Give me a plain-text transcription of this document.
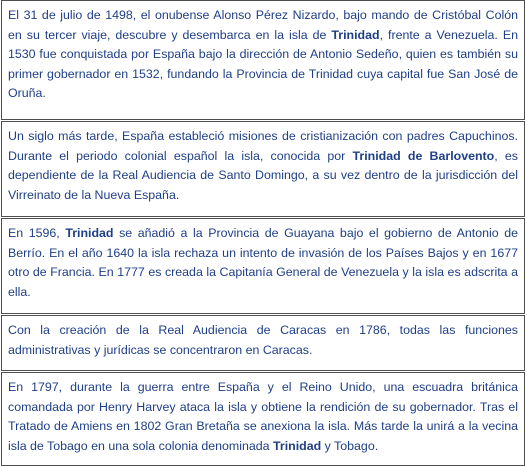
El 31 de julio de 1498, el onubense Alonso Pérez Nizardo, bajo mando de Cristóbal Colón en su tercer viaje, descubre y desembarca en la isla de Trinidad, frente a Venezuela. En 1530 fue conquistada por España bajo la dirección de Antonio Sedeño, quien es también su primer gobernador en 1532, fundando la Provincia de Trinidad cuya capital fue San José de Oruña.

Un siglo más tarde, España estableció misiones de cristianización con padres Capuchinos. Durante el periodo colonial español la isla, conocida por Trinidad de Barlovento, es dependiente de la Real Audiencia de Santo Domingo, a su vez dentro de la jurisdicción del Virreinato de la Nueva España.

En 1596, Trinidad se añadió a la Provincia de Guayana bajo el gobierno de Antonio de Berrío. En el año 1640 la isla rechaza un intento de invasión de los Países Bajos y en 1677 otro de Francia. En 1777 es creada la Capitanía General de Venezuela y la isla es adscrita a ella.

Con la creación de la Real Audiencia de Caracas en 1786, todas las funciones administrativas y jurídicas se concentraron en Caracas.

En 1797, durante la guerra entre España y el Reino Unido, una escuadra británica comandada por Henry Harvey ataca la isla y obtiene la rendición de su gobernador. Tras el Tratado de Amiens en 1802 Gran Bretaña se anexiona la isla. Más tarde la unirá a la vecina isla de Tobago en una sola colonia denominada Trinidad y Tobago.
